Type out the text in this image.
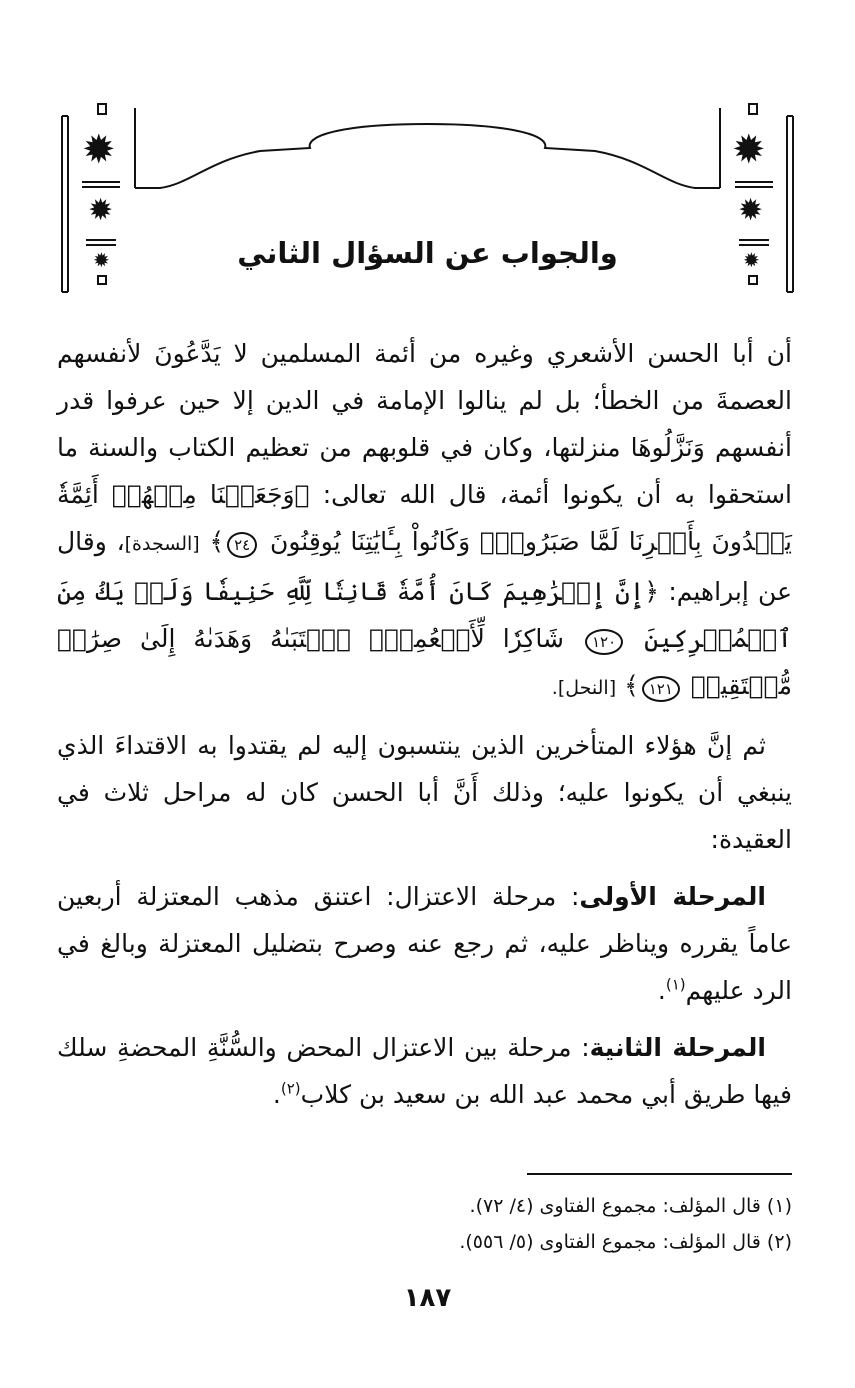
✹
✹
✹
✹
✹
✹
والجواب عن السؤال الثاني

أن أبا الحسن الأشعري وغيره من أئمة المسلمين لا يَدَّعُونَ لأنفسهم العصمةَ من الخطأ؛ بل لم ينالوا الإمامة في الدين إلا حين عرفوا قدر أنفسهم وَنَزَّلُوهَا منزلتها، وكان في قلوبهم من تعظيم الكتاب والسنة ما استحقوا به أن يكونوا أئمة، قال الله تعالى: ﴿وَجَعَلۡنَا مِنۡهُمۡ أَئِمَّةٗ يَهۡدُونَ بِأَمۡرِنَا لَمَّا صَبَرُواْۖ وَكَانُواْ بِـَٔايَٰتِنَا يُوقِنُونَ ٢٤﴾ [السجدة]، وقال عن إبراهيم: ﴿إِنَّ إِبۡرَٰهِيمَ كَانَ أُمَّةٗ قَانِتٗا لِّلَّهِ حَنِيفٗا وَلَمۡ يَكُ مِنَ ٱلۡمُشۡرِكِينَ ١٢٠ شَاكِرٗا لِّأَنۡعُمِهِۚ ٱجۡتَبَىٰهُ وَهَدَىٰهُ إِلَىٰ صِرَٰطٖ مُّسۡتَقِيمٖ ١٢١﴾ [النحل].

ثم إنَّ هؤلاء المتأخرين الذين ينتسبون إليه لم يقتدوا به الاقتداءَ الذي ينبغي أن يكونوا عليه؛ وذلك أَنَّ أبا الحسن كان له مراحل ثلاث في العقيدة:

المرحلة الأولى: مرحلة الاعتزال: اعتنق مذهب المعتزلة أربعين عاماً يقرره ويناظر عليه، ثم رجع عنه وصرح بتضليل المعتزلة وبالغ في الرد عليهم$^{(١)}$.

المرحلة الثانية: مرحلة بين الاعتزال المحض والسُّنَّةِ المحضةِ سلك فيها طريق أبي محمد عبد الله بن سعيد بن كلاب$^{(٢)}$.

(١) قال المؤلف: مجموع الفتاوى (٤/ ٧٢).

(٢) قال المؤلف: مجموع الفتاوى (٥/ ٥٥٦).

١٨٧
